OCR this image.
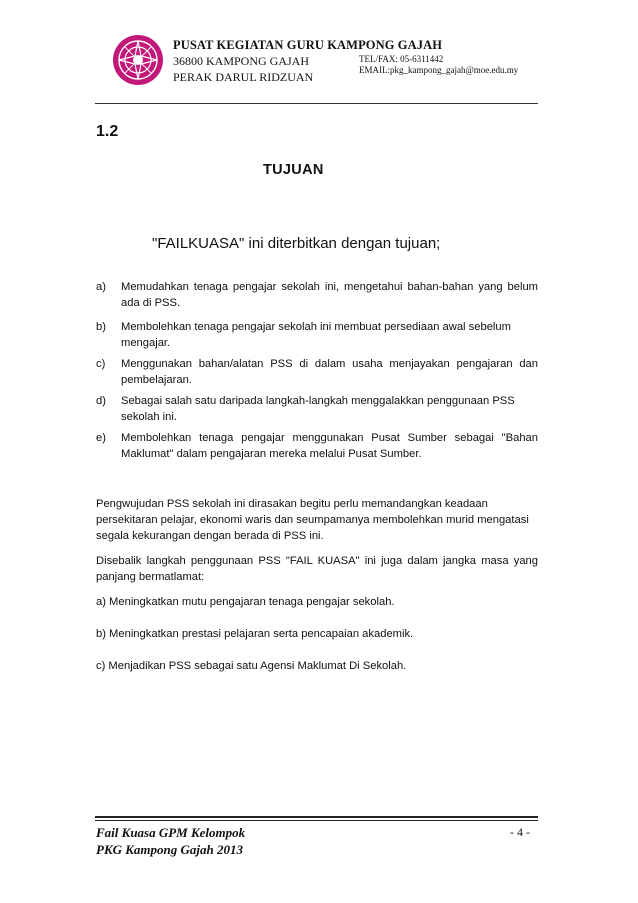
PUSAT KEGIATAN GURU KAMPONG GAJAH
36800 KAMPONG GAJAH
PERAK DARUL RIDZUAN
TEL/FAX: 05-6311442
EMAIL:pkg_kampong_gajah@moe.edu.my
1.2
TUJUAN
"FAILKUASA" ini diterbitkan dengan tujuan;
a) Memudahkan tenaga pengajar sekolah ini, mengetahui bahan-bahan yang belum
ada di PSS.
b) Membolehkan tenaga pengajar sekolah ini membuat persediaan awal sebelum
mengajar.
c) Menggunakan bahan/alatan PSS di dalam usaha menjayakan pengajaran dan
pembelajaran.
d) Sebagai salah satu daripada langkah-langkah menggalakkan penggunaan PSS
sekolah ini.
e) Membolehkan tenaga pengajar menggunakan Pusat Sumber sebagai "Bahan
Maklumat" dalam pengajaran mereka melalui Pusat Sumber.
Pengwujudan PSS sekolah ini dirasakan begitu perlu memandangkan keadaan
persekitaran pelajar, ekonomi waris dan seumpamanya membolehkan murid mengatasi
segala kekurangan dengan berada di PSS ini.
Disebalik langkah penggunaan PSS "FAIL KUASA" ini juga dalam jangka masa yang
panjang bermatlamat:
a) Meningkatkan mutu pengajaran tenaga pengajar sekolah.
b) Meningkatkan prestasi pelajaran serta pencapaian akademik.
c) Menjadikan PSS sebagai satu Agensi Maklumat Di Sekolah.
Fail Kuasa GPM Kelompok
PKG Kampong Gajah 2013
- 4 -
